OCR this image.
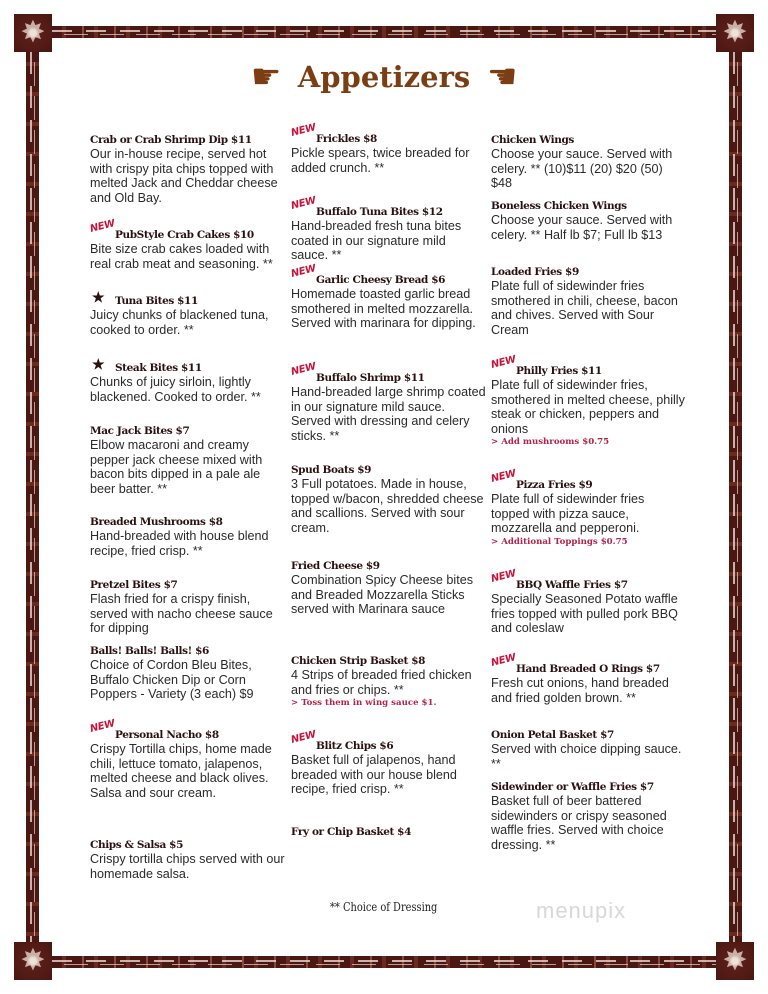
✸
✸
✸
✸
☛ Appetizers ☛
Crab or Crab Shrimp Dip $11
Our in-house recipe, served hot with crispy pita chips topped with melted Jack and Cheddar cheese and Old Bay.
NEW
PubStyle Crab Cakes $10
Bite size crab cakes loaded with real crab meat and seasoning. **
★ Tuna Bites $11
Juicy chunks of blackened tuna, cooked to order. **
★ Steak Bites $11
Chunks of juicy sirloin, lightly blackened. Cooked to order. **
Mac Jack Bites $7
Elbow macaroni and creamy pepper jack cheese mixed with bacon bits dipped in a pale ale beer batter. **
Breaded Mushrooms $8
Hand-breaded with house blend recipe, fried crisp. **
Pretzel Bites $7
Flash fried for a crispy finish, served with nacho cheese sauce for dipping
Balls! Balls! Balls! $6
Choice of Cordon Bleu Bites, Buffalo Chicken Dip or Corn Poppers - Variety (3 each) $9
NEW
Personal Nacho $8
Crispy Tortilla chips, home made chili, lettuce tomato, jalapenos, melted cheese and black olives. Salsa and sour cream.
Chips & Salsa $5
Crispy tortilla chips served with our homemade salsa.
NEW
Frickles $8
Pickle spears, twice breaded for added crunch. **
NEW
Buffalo Tuna Bites $12
Hand-breaded fresh tuna bites coated in our signature mild sauce. **
NEW
Garlic Cheesy Bread $6
Homemade toasted garlic bread smothered in melted mozzarella. Served with marinara for dipping.
NEW
Buffalo Shrimp $11
Hand-breaded large shrimp coated in our signature mild sauce. Served with dressing and celery sticks. **
Spud Boats $9
3 Full potatoes. Made in house, topped w/bacon, shredded cheese and scallions. Served with sour cream.
Fried Cheese $9
Combination Spicy Cheese bites and Breaded Mozzarella Sticks served with Marinara sauce
Chicken Strip Basket $8
4 Strips of breaded fried chicken and fries or chips. **
> Toss them in wing sauce $1.
NEW
Blitz Chips $6
Basket full of jalapenos, hand breaded with our house blend recipe, fried crisp. **
Fry or Chip Basket $4
Chicken Wings
Choose your sauce. Served with celery. ** (10)$11 (20) $20 (50) $48
Boneless Chicken Wings
Choose your sauce. Served with celery. ** Half lb $7; Full lb $13
Loaded Fries $9
Plate full of sidewinder fries smothered in chili, cheese, bacon and chives. Served with Sour Cream
NEW
Philly Fries $11
Plate full of sidewinder fries, smothered in melted cheese, philly steak or chicken, peppers and onions
> Add mushrooms $0.75
NEW
Pizza Fries $9
Plate full of sidewinder fries topped with pizza sauce, mozzarella and pepperoni.
> Additional Toppings $0.75
NEW
BBQ Waffle Fries $7
Specially Seasoned Potato waffle fries topped with pulled pork BBQ and coleslaw
NEW
Hand Breaded O Rings $7
Fresh cut onions, hand breaded and fried golden brown. **
Onion Petal Basket $7
Served with choice dipping sauce. **
Sidewinder or Waffle Fries $7
Basket full of beer battered sidewinders or crispy seasoned waffle fries. Served with choice dressing. **
** Choice of Dressing	menupix
